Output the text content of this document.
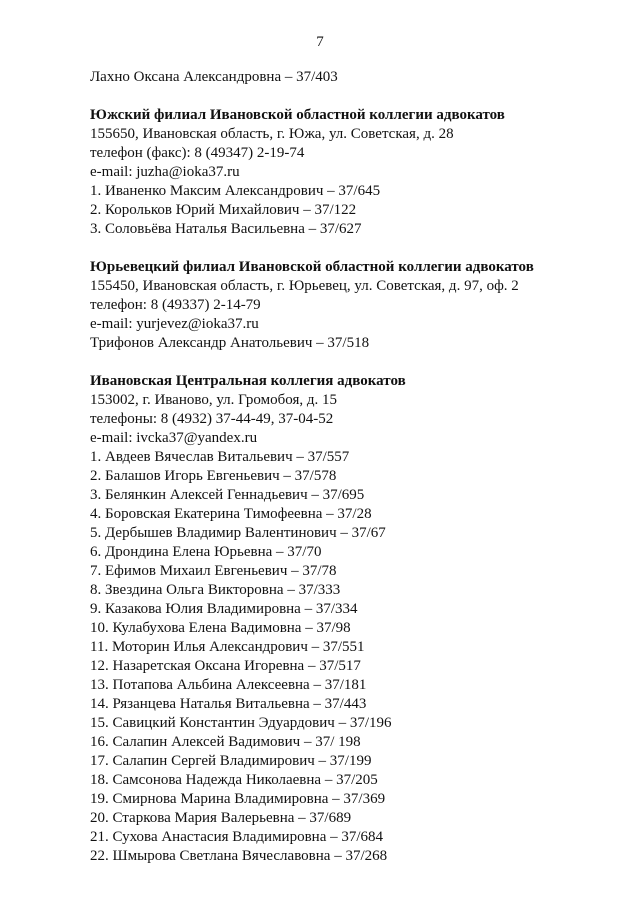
7
Лахно Оксана Александровна – 37/403
Южский филиал Ивановской областной коллегии адвокатов
155650, Ивановская область, г. Южа, ул. Советская, д. 28
телефон (факс): 8 (49347) 2-19-74
e-mail: juzha@ioka37.ru
1. Иваненко Максим Александрович – 37/645
2. Корольков Юрий Михайлович – 37/122
3. Соловьёва Наталья Васильевна – 37/627
Юрьевецкий филиал Ивановской областной коллегии адвокатов
155450, Ивановская область, г. Юрьевец, ул. Советская, д. 97, оф. 2
телефон: 8 (49337) 2-14-79
e-mail: yurjevez@ioka37.ru
Трифонов Александр Анатольевич – 37/518
Ивановская Центральная коллегия адвокатов
153002, г. Иваново, ул. Громобоя, д. 15
телефоны: 8 (4932) 37-44-49, 37-04-52
e-mail: ivcka37@yandex.ru
1. Авдеев Вячеслав Витальевич – 37/557
2. Балашов Игорь Евгеньевич – 37/578
3. Белянкин Алексей Геннадьевич – 37/695
4. Боровская Екатерина Тимофеевна – 37/28
5. Дербышев Владимир Валентинович – 37/67
6. Дрондина Елена Юрьевна – 37/70
7. Ефимов Михаил Евгеньевич – 37/78
8. Звездина Ольга Викторовна – 37/333
9. Казакова Юлия Владимировна – 37/334
10. Кулабухова Елена Вадимовна – 37/98
11. Моторин Илья Александрович – 37/551
12. Назаретская Оксана Игоревна – 37/517
13. Потапова Альбина Алексеевна – 37/181
14. Рязанцева Наталья Витальевна – 37/443
15. Савицкий Константин Эдуардович – 37/196
16. Салапин Алексей Вадимович – 37/ 198
17. Салапин Сергей Владимирович – 37/199
18. Самсонова Надежда Николаевна – 37/205
19. Смирнова Марина Владимировна – 37/369
20. Старкова Мария Валерьевна – 37/689
21. Сухова Анастасия Владимировна – 37/684
22. Шмырова Светлана Вячеславовна – 37/268
